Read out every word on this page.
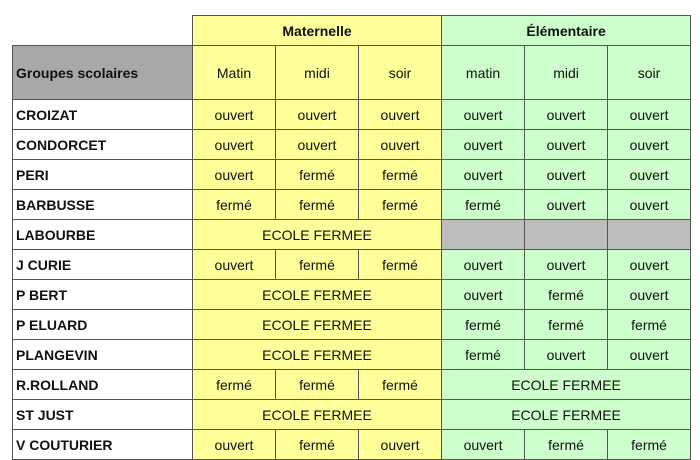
	Maternelle			Élémentaire		
Groupes scolaires	Matin	midi	soir	matin	midi	soir
CROIZAT	ouvert	ouvert	ouvert	ouvert	ouvert	ouvert
CONDORCET	ouvert	ouvert	ouvert	ouvert	ouvert	ouvert
PERI	ouvert	fermé	fermé	ouvert	ouvert	ouvert
BARBUSSE	fermé	fermé	fermé	fermé	ouvert	ouvert
LABOURBE	ECOLE FERMEE					
J CURIE	ouvert	fermé	fermé	ouvert	ouvert	ouvert
P BERT	ECOLE FERMEE			ouvert	fermé	ouvert
P ELUARD	ECOLE FERMEE			fermé	fermé	fermé
PLANGEVIN	ECOLE FERMEE			fermé	ouvert	ouvert
R.ROLLAND	fermé	fermé	fermé	ECOLE FERMEE		
ST JUST	ECOLE FERMEE			ECOLE FERMEE		
V COUTURIER	ouvert	fermé	ouvert	ouvert	fermé	fermé
